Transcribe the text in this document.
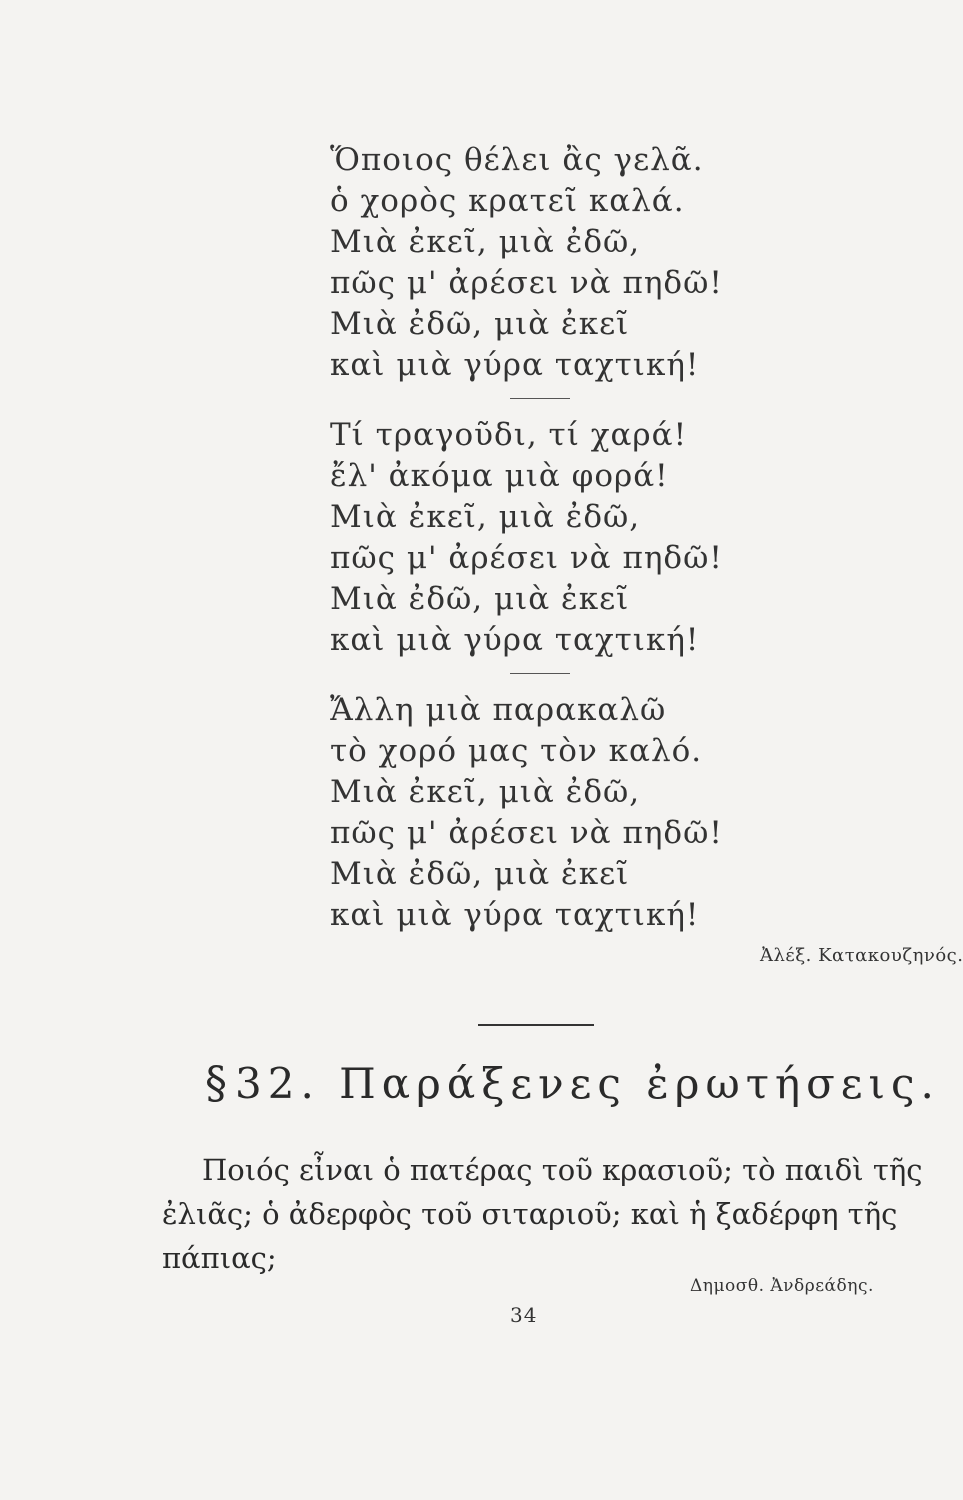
Ὅποιος θέλει ἂς γελᾶ.
ὁ χορὸς κρατεῖ καλά.
Μιὰ ἐκεῖ, μιὰ ἐδῶ,
πῶς μ' ἀρέσει νὰ πηδῶ!
Μιὰ ἐδῶ, μιὰ ἐκεῖ
καὶ μιὰ γύρα ταχτική!
Τί τραγοῦδι, τί χαρά!
ἔλ' ἀκόμα μιὰ φορά!
Μιὰ ἐκεῖ, μιὰ ἐδῶ,
πῶς μ' ἀρέσει νὰ πηδῶ!
Μιὰ ἐδῶ, μιὰ ἐκεῖ
καὶ μιὰ γύρα ταχτική!
Ἄλλη μιὰ παρακαλῶ
τὸ χορό μας τὸν καλό.
Μιὰ ἐκεῖ, μιὰ ἐδῶ,
πῶς μ' ἀρέσει νὰ πηδῶ!
Μιὰ ἐδῶ, μιὰ ἐκεῖ
καὶ μιὰ γύρα ταχτική!
Ἀλέξ. Κατακουζηνός.
§ 32. Παράξενες ἐρωτήσεις.
Ποιός εἶναι ὁ πατέρας τοῦ κρασιοῦ; τὸ παιδὶ τῆς
ἐλιᾶς; ὁ ἀδερφὸς τοῦ σιταριοῦ; καὶ ἡ ξαδέρφη τῆς
πάπιας;
Δημοσθ. Ἀνδρεάδης.
34
